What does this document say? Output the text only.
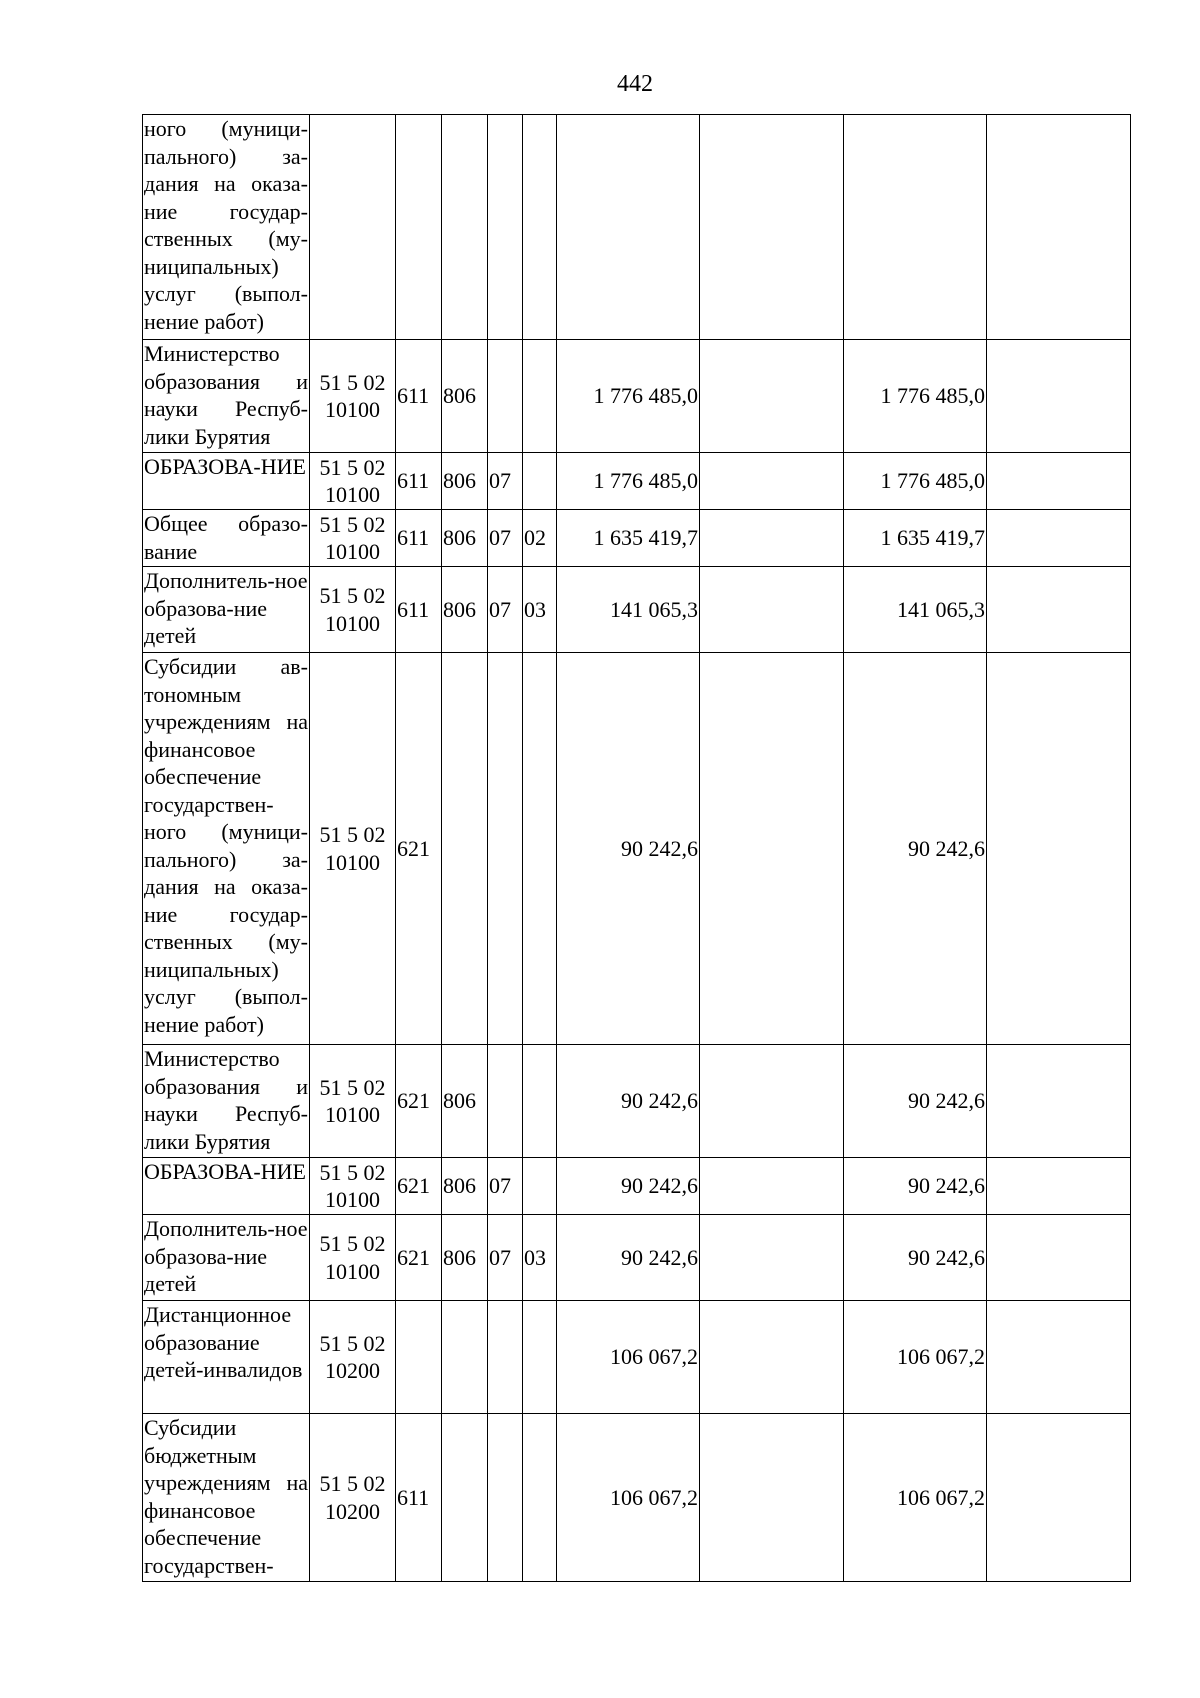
442
ного (муници-пального) за-дания на оказа-ние государ-ственных (му-ниципальных) услуг (выпол-нение работ)									
Министерство образования и науки Респуб-лики Бурятия	51 5 02 10100	611	806			1 776 485,0		1 776 485,0	
ОБРАЗОВА-НИЕ	51 5 02 10100	611	806	07		1 776 485,0		1 776 485,0	
Общее образо-вание	51 5 02 10100	611	806	07	02	1 635 419,7		1 635 419,7	
Дополнитель-ное образова-ние детей	51 5 02 10100	611	806	07	03	141 065,3		141 065,3	
Субсидии ав-тономным учреждениям на финансовое обеспечение государствен-ного (муници-пального) за-дания на оказа-ние государ-ственных (му-ниципальных) услуг (выпол-нение работ)	51 5 02 10100	621				90 242,6		90 242,6	
Министерство образования и науки Респуб-лики Бурятия	51 5 02 10100	621	806			90 242,6		90 242,6	
ОБРАЗОВА-НИЕ	51 5 02 10100	621	806	07		90 242,6		90 242,6	
Дополнитель-ное образова-ние детей	51 5 02 10100	621	806	07	03	90 242,6		90 242,6	
Дистанционное образование детей-инвалидов	51 5 02 10200					106 067,2		106 067,2	
Субсидии бюджетным учреждениям на финансовое обеспечение государствен-	51 5 02 10200	611				106 067,2		106 067,2	
